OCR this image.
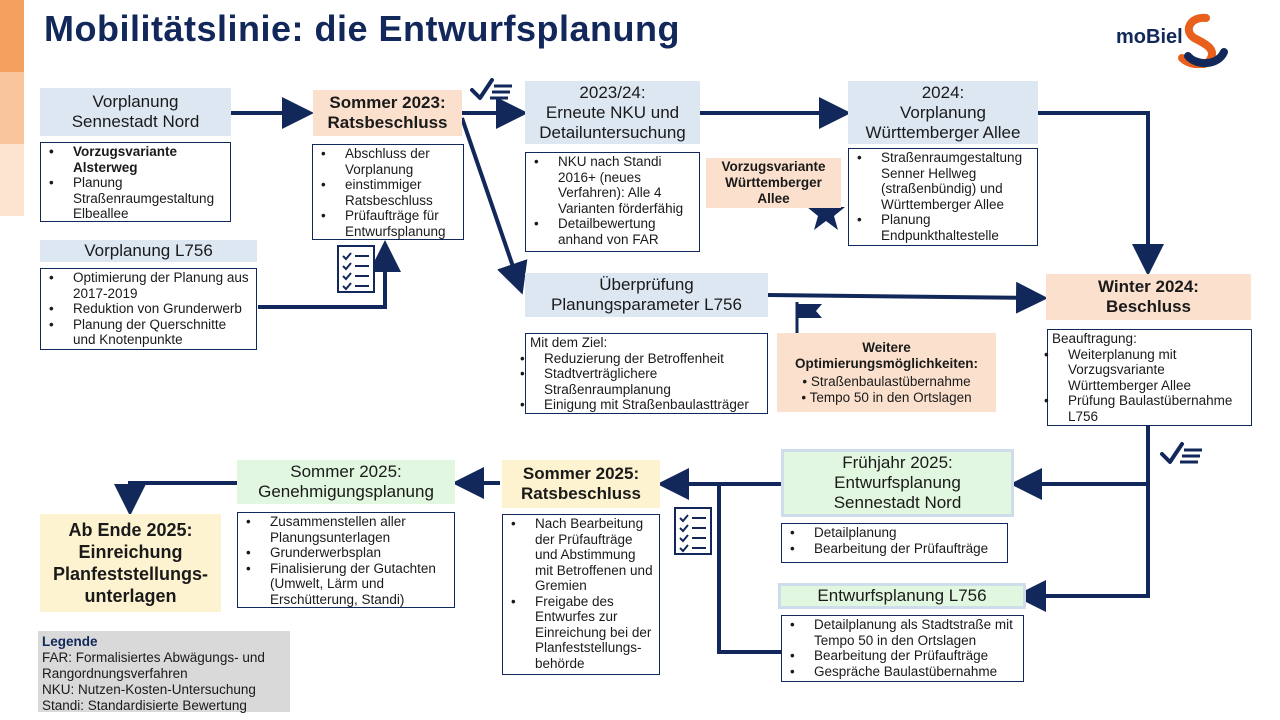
Mobilitätslinie: die Entwurfsplanung	moBiel
Vorplanung
Sennestadt Nord
• Vorzugsvariante Alsterweg
• Planung Straßenraumgestaltung Elbeallee
Vorplanung L756
• Optimierung der Planung aus 2017-2019
• Reduktion von Grunderwerb
• Planung der Querschnitte und Knotenpunkte
Sommer 2023:
Ratsbeschluss
• Abschluss der Vorplanung
• einstimmiger Ratsbeschluss
• Prüfaufträge für Entwurfsplanung
2023/24:
Erneute NKU und
Detailuntersuchung
• NKU nach Standi 2016+ (neues Verfahren): Alle 4 Varianten förderfähig
• Detailbewertung anhand von FAR
Vorzugsvariante
Württemberger
Allee
2024:
Vorplanung
Württemberger Allee
• Straßenraumgestaltung Senner Hellweg (straßenbündig) und Württemberger Allee
• Planung Endpunkthaltestelle
Überprüfung
Planungsparameter L756
Mit dem Ziel:
• Reduzierung der Betroffenheit
• Stadtverträglichere Straßenraumplanung
• Einigung mit Straßenbaulastträger
Weitere
Optimierungsmöglichkeiten:
• Straßenbaulastübernahme
• Tempo 50 in den Ortslagen
Winter 2024:
Beschluss
Beauftragung:
• Weiterplanung mit Vorzugsvariante Württemberger Allee
• Prüfung Baulastübernahme L756
Frühjahr 2025:
Entwurfsplanung
Sennestadt Nord
• Detailplanung
• Bearbeitung der Prüfaufträge
Entwurfsplanung L756
• Detailplanung als Stadtstraße mit Tempo 50 in den Ortslagen
• Bearbeitung der Prüfaufträge
• Gespräche Baulastübernahme
Sommer 2025:
Ratsbeschluss
• Nach Bearbeitung der Prüfaufträge und Abstimmung mit Betroffenen und Gremien
• Freigabe des Entwurfes zur Einreichung bei der Planfeststellungs-behörde
Sommer 2025:
Genehmigungsplanung
• Zusammenstellen aller Planungsunterlagen
• Grunderwerbsplan
• Finalisierung der Gutachten (Umwelt, Lärm und Erschütterung, Standi)
Ab Ende 2025:
Einreichung
Planfeststellungs-
unterlagen
Legende
FAR: Formalisiertes Abwägungs- und
Rangordnungsverfahren
NKU: Nutzen-Kosten-Untersuchung
Standi: Standardisierte Bewertung
